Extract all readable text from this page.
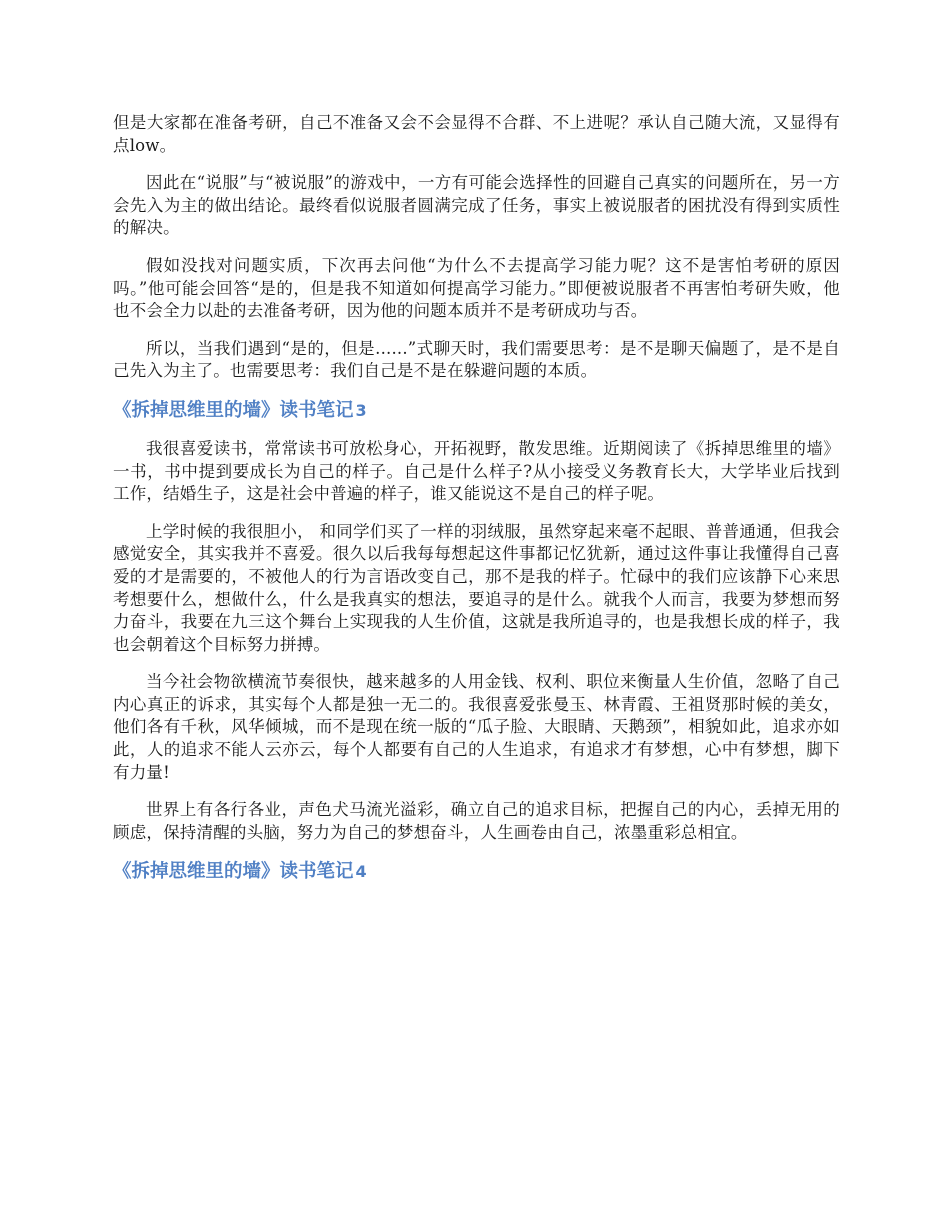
但是大家都在准备考研，自己不准备又会不会显得不合群、不上进呢？承认自己随大流，又显得有点low。

因此在“说服”与“被说服”的游戏中，一方有可能会选择性的回避自己真实的问题所在，另一方会先入为主的做出结论。最终看似说服者圆满完成了任务，事实上被说服者的困扰没有得到实质性的解决。

假如没找对问题实质，下次再去问他“为什么不去提高学习能力呢？这不是害怕考研的原因吗。”他可能会回答“是的，但是我不知道如何提高学习能力。”即便被说服者不再害怕考研失败，他也不会全力以赴的去准备考研，因为他的问题本质并不是考研成功与否。

所以，当我们遇到“是的，但是......”式聊天时，我们需要思考：是不是聊天偏题了，是不是自己先入为主了。也需要思考：我们自己是不是在躲避问题的本质。

《拆掉思维里的墙》读书笔记 3

我很喜爱读书，常常读书可放松身心，开拓视野，散发思维。近期阅读了《拆掉思维里的墙》一书，书中提到要成长为自己的样子。自己是什么样子?从小接受义务教育长大，大学毕业后找到工作，结婚生子，这是社会中普遍的样子，谁又能说这不是自己的样子呢。

上学时候的我很胆小， 和同学们买了一样的羽绒服，虽然穿起来毫不起眼、普普通通，但我会感觉安全，其实我并不喜爱。很久以后我每每想起这件事都记忆犹新，通过这件事让我懂得自己喜爱的才是需要的，不被他人的行为言语改变自己，那不是我的样子。忙碌中的我们应该静下心来思考想要什么，想做什么，什么是我真实的想法，要追寻的是什么。就我个人而言，我要为梦想而努力奋斗，我要在九三这个舞台上实现我的人生价值，这就是我所追寻的，也是我想长成的样子，我也会朝着这个目标努力拼搏。

当今社会物欲横流节奏很快，越来越多的人用金钱、权利、职位来衡量人生价值，忽略了自己内心真正的诉求，其实每个人都是独一无二的。我很喜爱张曼玉、林青霞、王祖贤那时候的美女，他们各有千秋，风华倾城，而不是现在统一版的“瓜子脸、大眼睛、天鹅颈”，相貌如此，追求亦如此，人的追求不能人云亦云，每个人都要有自己的人生追求，有追求才有梦想，心中有梦想，脚下有力量!

世界上有各行各业，声色犬马流光溢彩，确立自己的追求目标，把握自己的内心，丢掉无用的顾虑，保持清醒的头脑，努力为自己的梦想奋斗，人生画卷由自己，浓墨重彩总相宜。

《拆掉思维里的墙》读书笔记 4
